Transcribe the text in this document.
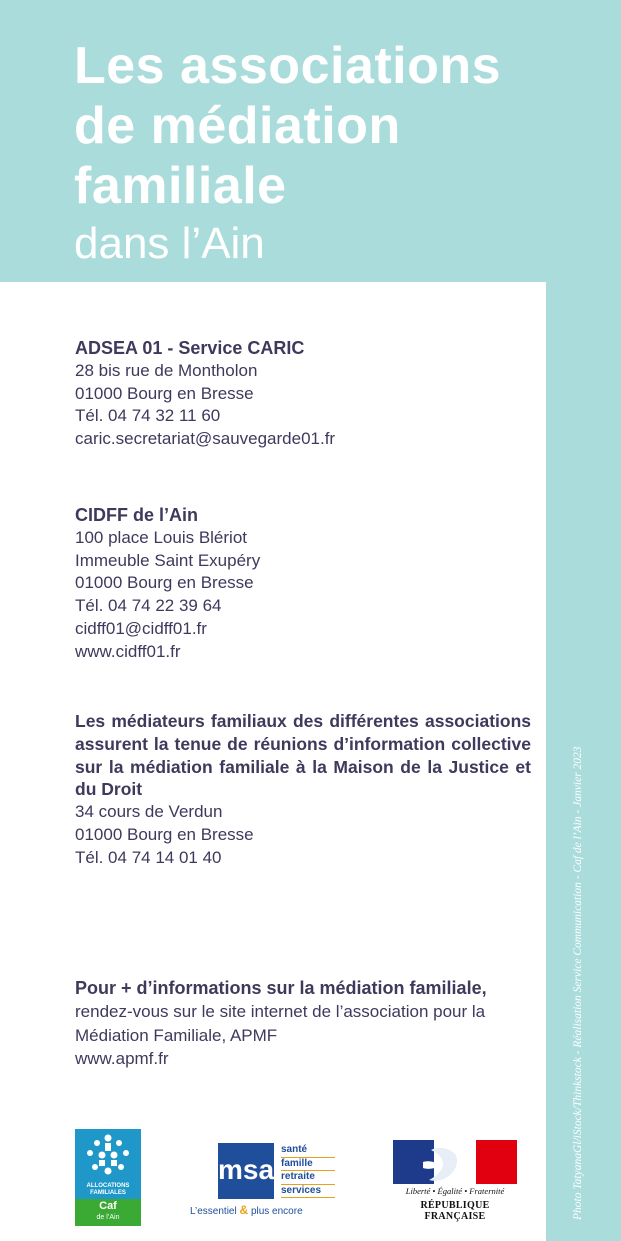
Les associations
de médiation
familiale
dans l’Ain
ADSEA 01 - Service CARIC
28 bis rue de Montholon
01000 Bourg en Bresse
Tél. 04 74 32 11 60
caric.secretariat@sauvegarde01.fr
CIDFF de l’Ain
100 place Louis Blériot
Immeuble Saint Exupéry
01000 Bourg en Bresse
Tél. 04 74 22 39 64
cidff01@cidff01.fr
www.cidff01.fr
Les médiateurs familiaux des différentes associations assurent la tenue de réunions d’information collective sur la médiation familiale à la Maison de la Justice et du Droit
34 cours de Verdun
01000 Bourg en Bresse
Tél. 04 74 14 01 40
Pour + d’informations sur la médiation familiale,
rendez-vous sur le site internet de l’association pour la Médiation Familiale, APMF
www.apmf.fr	Photo TatyanaGl/iStock/Thinkstock - Réalisation Service Communication - Caf de l’Ain - Janvier 2023
ALLOCATIONS FAMILIALES
Caf
de l’Ain
msa
santé
famille
retraite
services
L’essentiel & plus encore
Liberté • Égalité • Fraternité
RÉPUBLIQUE FRANÇAISE
